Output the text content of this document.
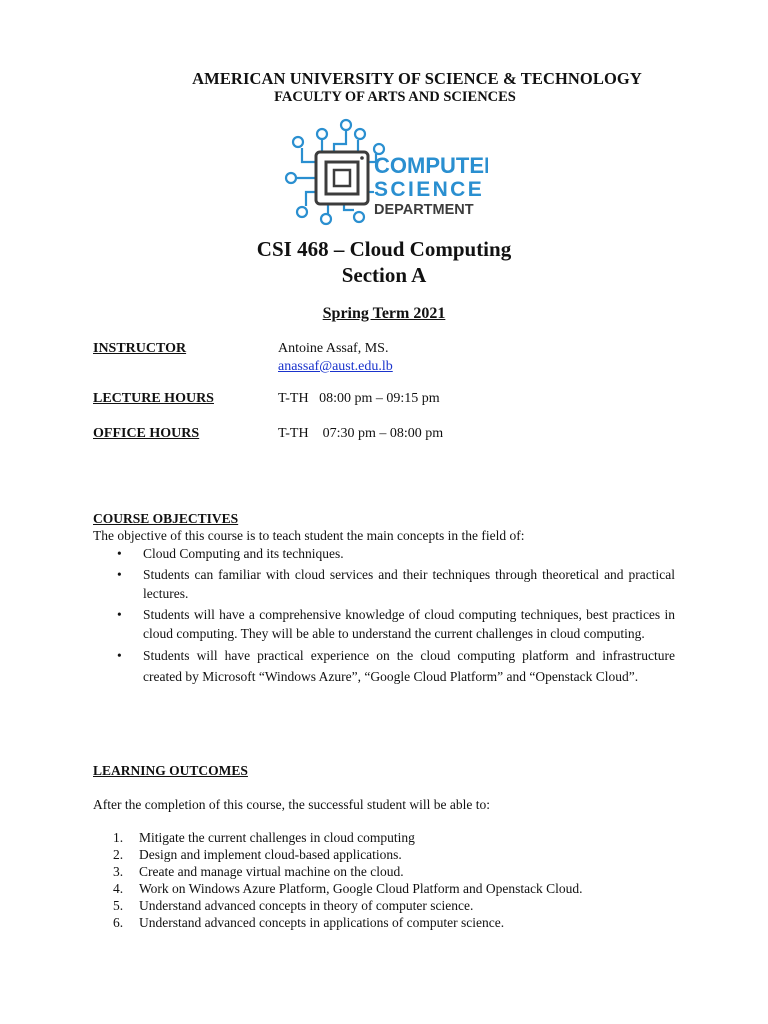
AMERICAN UNIVERSITY OF SCIENCE & TECHNOLOGY
FACULTY OF ARTS AND SCIENCES
COMPUTER
SCIENCE
DEPARTMENT
CSI 468 – Cloud Computing
Section A
Spring Term 2021
INSTRUCTOR	Antoine Assaf, MS.
anassaf@aust.edu.lb
LECTURE HOURS	T-TH   08:00 pm – 09:15 pm
OFFICE HOURS	T-TH    07:30 pm – 08:00 pm
COURSE OBJECTIVES
The objective of this course is to teach student the main concepts in the field of:
• Cloud Computing and its techniques.
• Students can familiar with cloud services and their techniques through theoretical and practical lectures.
• Students will have a comprehensive knowledge of cloud computing techniques, best practices in cloud computing. They will be able to understand the current challenges in cloud computing.
• Students will have practical experience on the cloud computing platform and infrastructure created by Microsoft “Windows Azure”, “Google Cloud Platform” and “Openstack Cloud”.
LEARNING OUTCOMES
After the completion of this course, the successful student will be able to:
1. Mitigate the current challenges in cloud computing
2. Design and implement cloud-based applications.
3. Create and manage virtual machine on the cloud.
4. Work on Windows Azure Platform, Google Cloud Platform and Openstack Cloud.
5. Understand advanced concepts in theory of computer science.
6. Understand advanced concepts in applications of computer science.
